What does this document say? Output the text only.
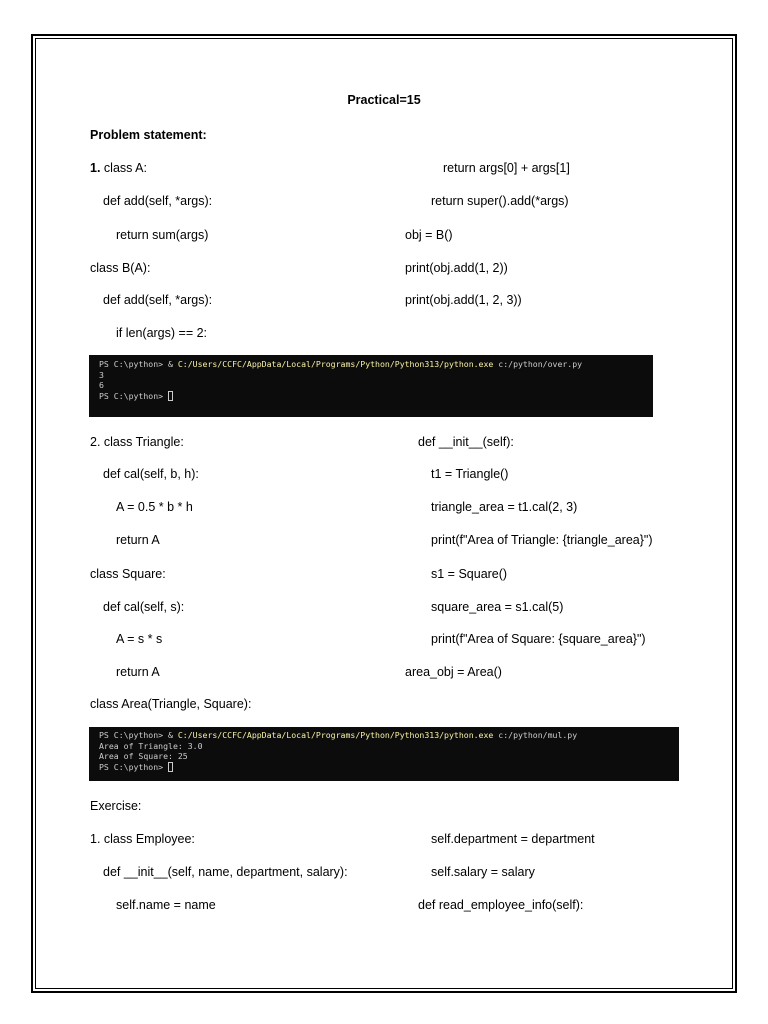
Practical=15
Problem statement:
1. class A:
def add(self, *args):
return sum(args)
class B(A):
def add(self, *args):
if len(args) == 2:
return args[0] + args[1]
return super().add(*args)
obj = B()
print(obj.add(1, 2))
print(obj.add(1, 2, 3))
PS C:\python> & C:/Users/CCFC/AppData/Local/Programs/Python/Python313/python.exe c:/python/over.py
3
6
PS C:\python>
2. class Triangle:
def cal(self, b, h):
A = 0.5 * b * h
return A
class Square:
def cal(self, s):
A = s * s
return A
class Area(Triangle, Square):
def __init__(self):
t1 = Triangle()
triangle_area = t1.cal(2, 3)
print(f"Area of Triangle: {triangle_area}")
s1 = Square()
square_area = s1.cal(5)
print(f"Area of Square: {square_area}")
area_obj = Area()
PS C:\python> & C:/Users/CCFC/AppData/Local/Programs/Python/Python313/python.exe c:/python/mul.py
Area of Triangle: 3.0
Area of Square: 25
PS C:\python>
Exercise:
1. class Employee:
def __init__(self, name, department, salary):
self.name = name
self.department = department
self.salary = salary
def read_employee_info(self):
